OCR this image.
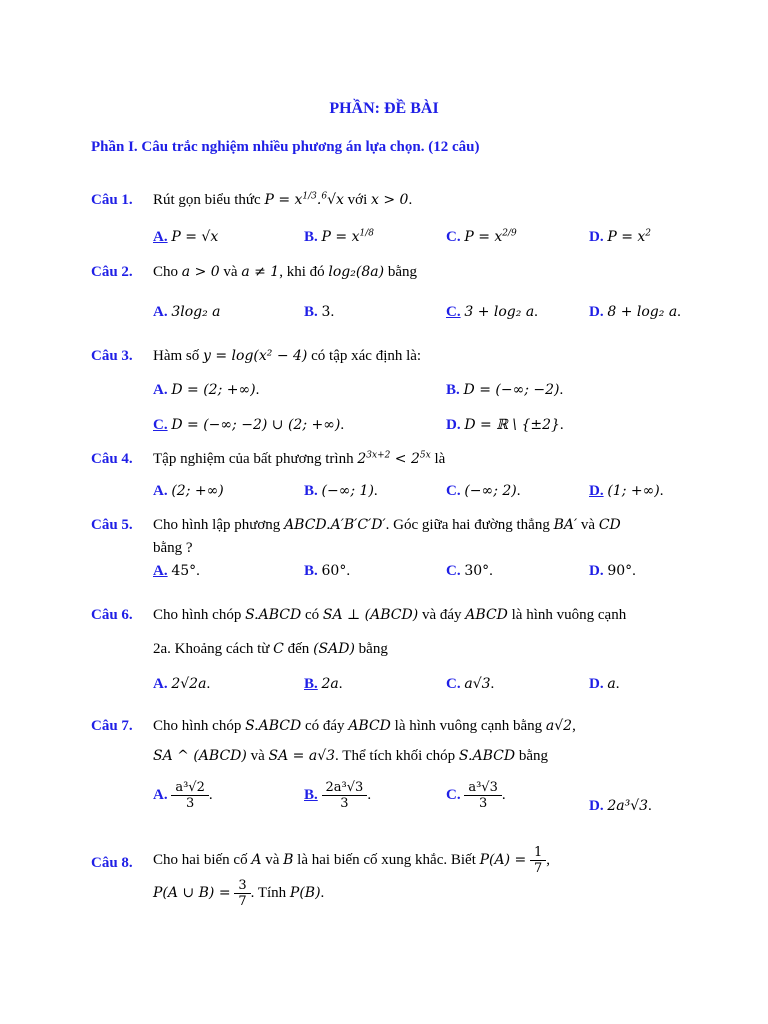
PHẦN: ĐỀ BÀI
Phần I. Câu trắc nghiệm nhiều phương án lựa chọn. (12 câu)
Câu 1. Rút gọn biểu thức $P = x^{1/3}.^6√x$ với x > 0.
A. P = √x	B. $P = x^{1/8}$	C. $P = x^{2/9}$	D. $P = x^2$
Câu 2. Cho a > 0 và a ≠ 1, khi đó log₂(8a) bằng
A. 3log₂ a	B. 3.	C. 3 + log₂ a.	D. 8 + log₂ a.
Câu 3. Hàm số y = log(x² − 4) có tập xác định là:
A. D = (2; +∞).	B. D = (−∞; −2).
C. D = (−∞; −2) ∪ (2; +∞).	D. D = ℝ \ {±2}.
Câu 4. Tập nghiệm của bất phương trình $2^{3x+2} < 2^{5x}$ là
A. (2; +∞)	B. (−∞; 1).	C. (−∞; 2).	D. (1; +∞).
Câu 5. Cho hình lập phương ABCD.A′B′C′D′. Góc giữa hai đường thẳng BA′ và CD
bằng ?
A. 45°.	B. 60°.	C. 30°.	D. 90°.
Câu 6. Cho hình chóp S.ABCD có SA ⊥ (ABCD) và đáy ABCD là hình vuông cạnh
2a. Khoảng cách từ C đến (SAD) bằng
A. 2√2a.	B. 2a.	C. a√3.	D. a.
Câu 7. Cho hình chóp S.ABCD có đáy ABCD là hình vuông cạnh bằng a√2,
SA ^ (ABCD) và SA = a√3. Thể tích khối chóp S.ABCD bằng
A. $\frac{\text{a³√2}}{3}$ .	B. $\frac{\text{2a³√3}}{3}$ .	C. $\frac{\text{a³√3}}{3}$ .
D. 2a³√3.
Câu 8. Cho hai biến cố A và B là hai biến cố xung khắc. Biết $P(A) = \frac{1}{7}$ ,
P(A ∪ $B) = \frac{3}{7}$ . Tính P(B).
